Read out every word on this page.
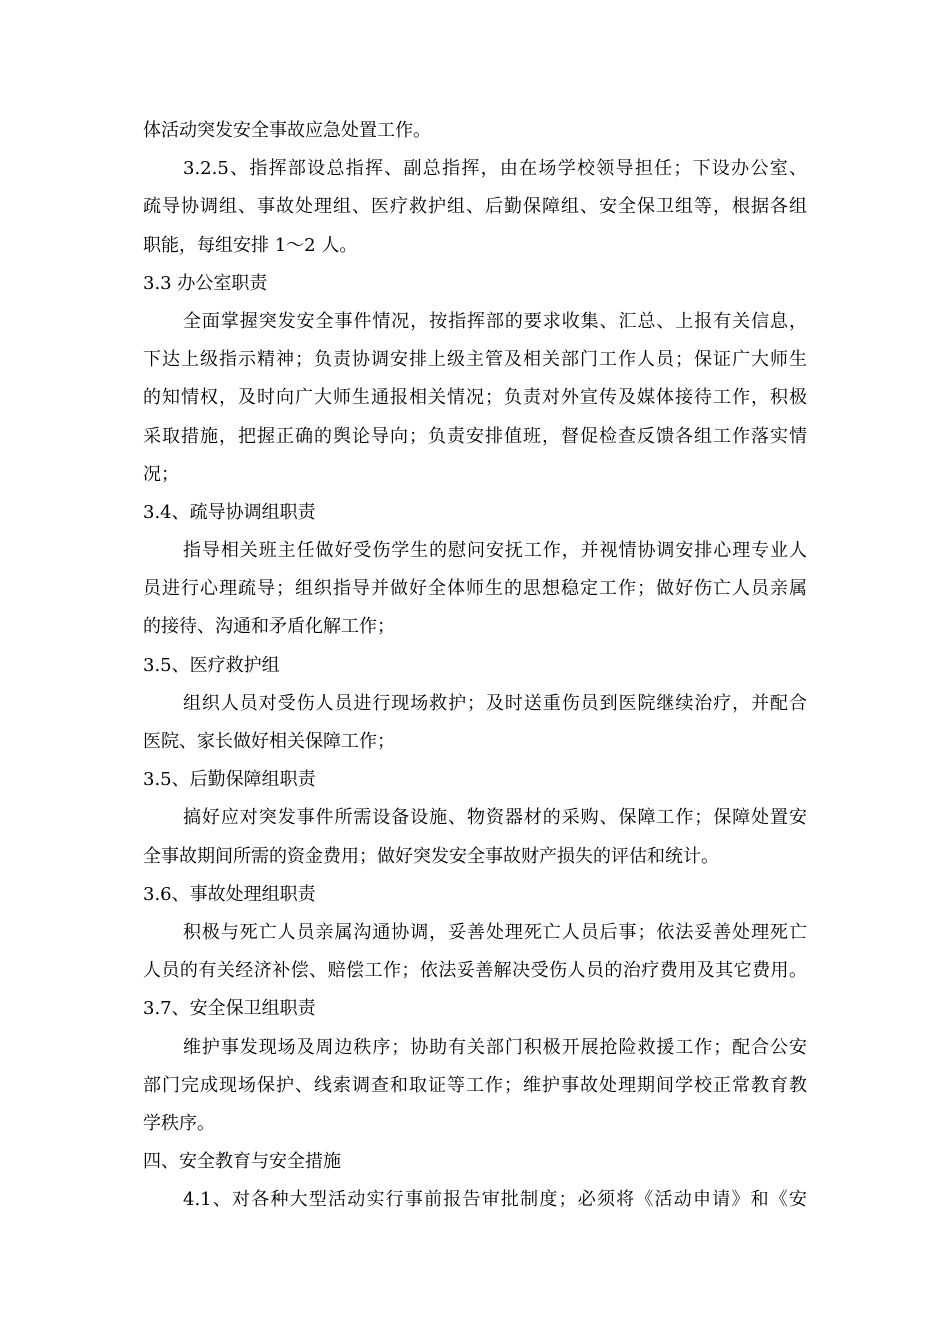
体活动突发安全事故应急处置工作。
3.2.5、指挥部设总指挥、副总指挥，由在场学校领导担任；下设办公室、
疏导协调组、事故处理组、医疗救护组、后勤保障组、安全保卫组等，根据各组
职能，每组安排 1～2 人。
3.3 办公室职责
全面掌握突发安全事件情况，按指挥部的要求收集、汇总、上报有关信息，
下达上级指示精神；负责协调安排上级主管及相关部门工作人员；保证广大师生
的知情权，及时向广大师生通报相关情况；负责对外宣传及媒体接待工作，积极
采取措施，把握正确的舆论导向；负责安排值班，督促检查反馈各组工作落实情
况；
3.4、疏导协调组职责
指导相关班主任做好受伤学生的慰问安抚工作，并视情协调安排心理专业人
员进行心理疏导；组织指导并做好全体师生的思想稳定工作；做好伤亡人员亲属
的接待、沟通和矛盾化解工作；
3.5、医疗救护组
组织人员对受伤人员进行现场救护；及时送重伤员到医院继续治疗，并配合
医院、家长做好相关保障工作；
3.5、后勤保障组职责
搞好应对突发事件所需设备设施、物资器材的采购、保障工作；保障处置安
全事故期间所需的资金费用；做好突发安全事故财产损失的评估和统计。
3.6、事故处理组职责
积极与死亡人员亲属沟通协调，妥善处理死亡人员后事；依法妥善处理死亡
人员的有关经济补偿、赔偿工作；依法妥善解决受伤人员的治疗费用及其它费用。
3.7、安全保卫组职责
维护事发现场及周边秩序；协助有关部门积极开展抢险救援工作；配合公安
部门完成现场保护、线索调查和取证等工作；维护事故处理期间学校正常教育教
学秩序。
四、安全教育与安全措施
4.1、对各种大型活动实行事前报告审批制度；必须将《活动申请》和《安
